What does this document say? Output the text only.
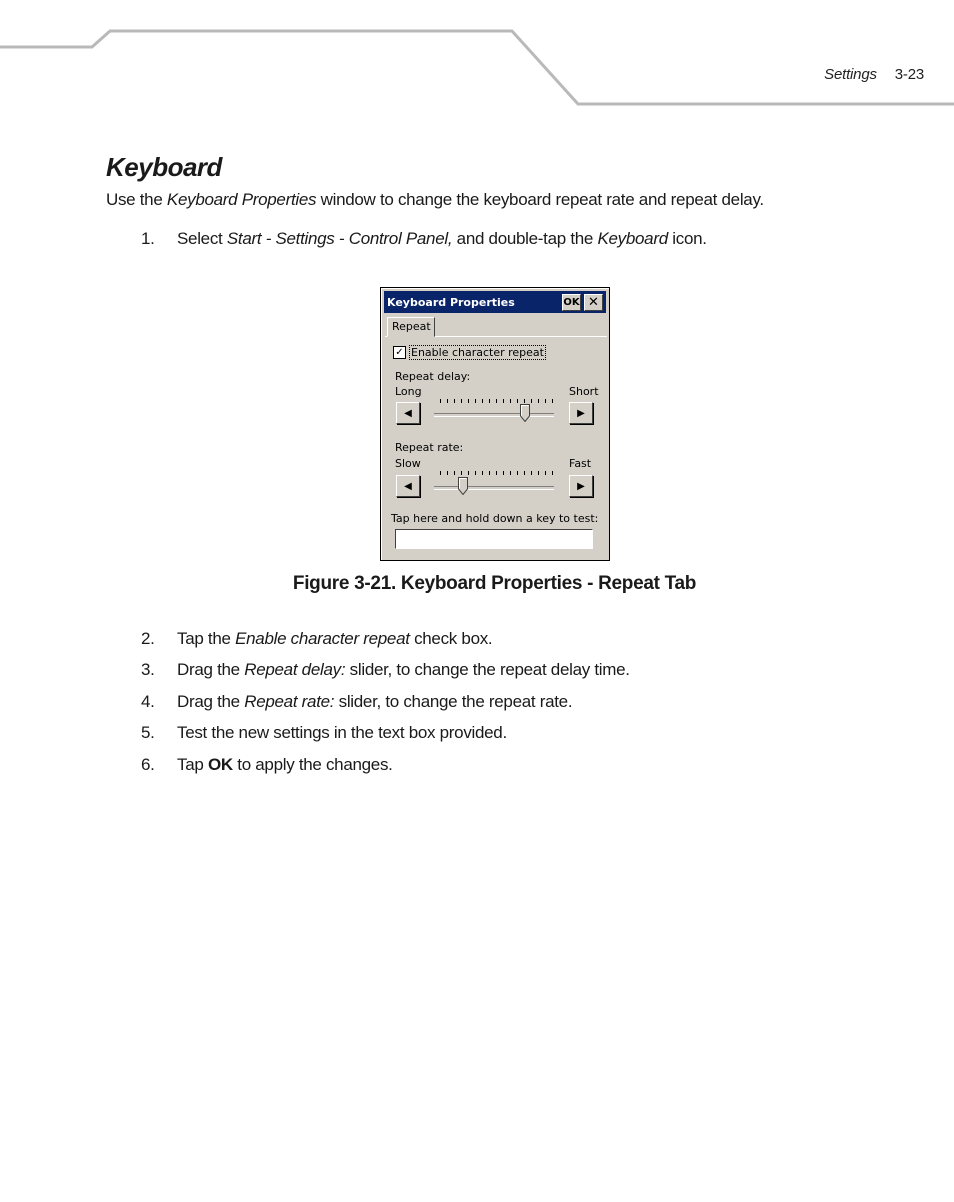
Settings 3-23
Keyboard

Use the Keyboard Properties window to change the keyboard repeat rate and repeat delay.

1.	Select Start - Settings - Control Panel, and double-tap the Keyboard icon.

Keyboard Properties	OK ✕
Repeat
✓ Enable character repeat
Repeat delay:
Long	Short
◀	▶
Repeat rate:
Slow	Fast
◀	▶
Tap here and hold down a key to test:

Figure 3-21. Keyboard Properties - Repeat Tab

2.	Tap the Enable character repeat check box.

3.	Drag the Repeat delay: slider, to change the repeat delay time.

4.	Drag the Repeat rate: slider, to change the repeat rate.

5.	Test the new settings in the text box provided.

6.	Tap OK to apply the changes.
